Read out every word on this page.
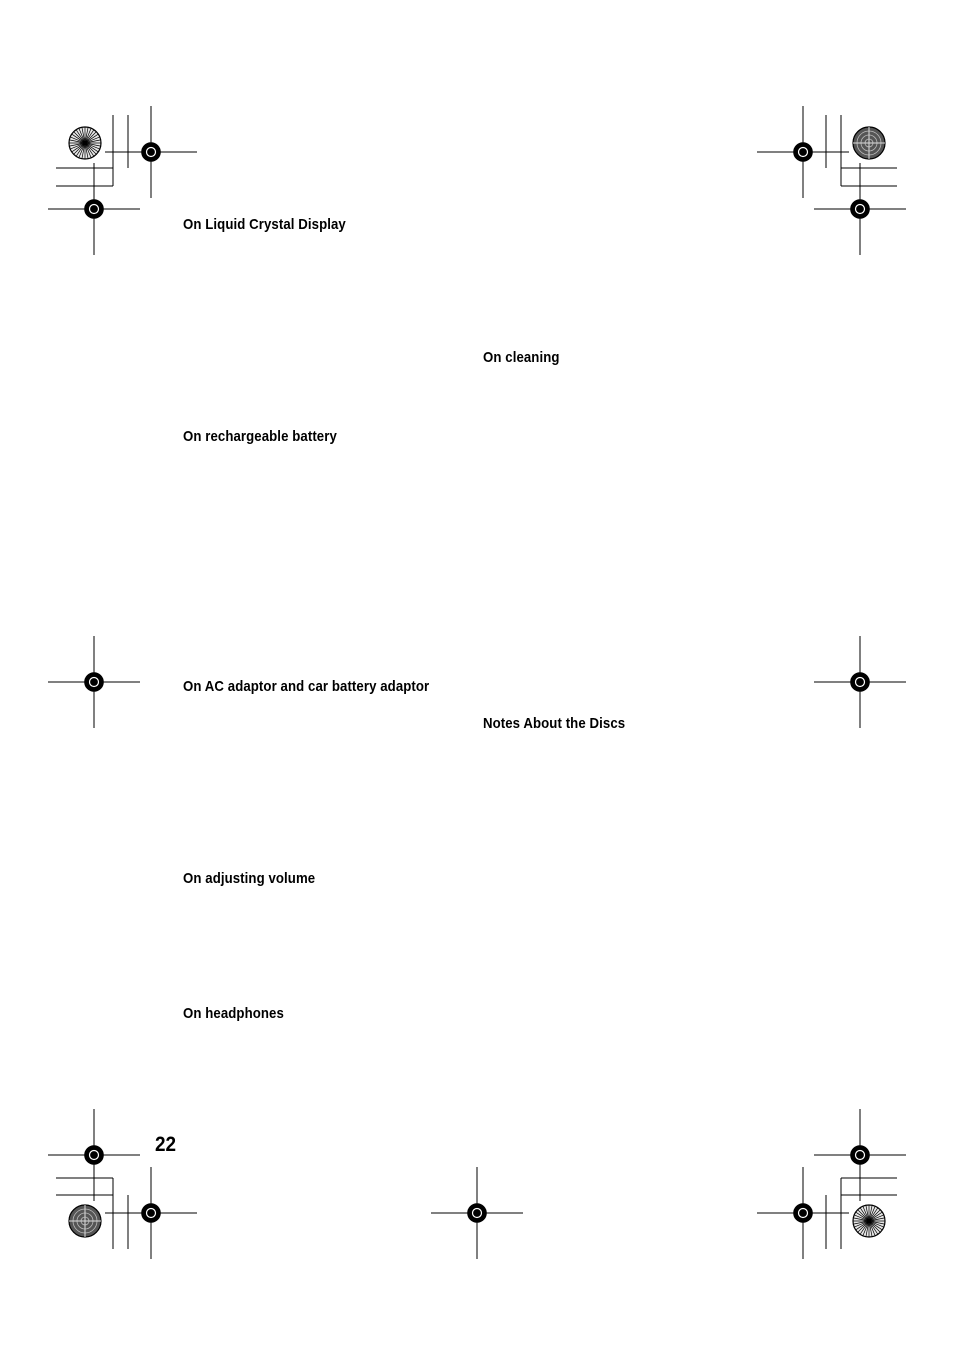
On Liquid Crystal Display
On cleaning
On rechargeable battery
On AC adaptor and car battery adaptor
Notes About the Discs
On adjusting volume
On headphones
22
